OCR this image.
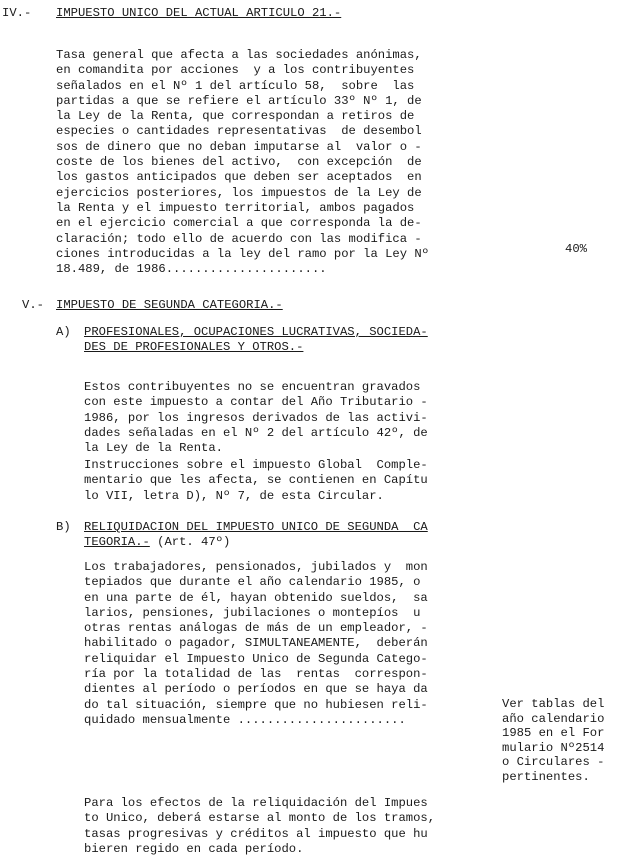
IV.- IMPUESTO UNICO DEL ACTUAL ARTICULO 21.-
Tasa general que afecta a las sociedades anónimas,
en comandita por acciones  y a los contribuyentes
señalados en el Nº 1 del artículo 58,  sobre  las
partidas a que se refiere el artículo 33º Nº 1, de
la Ley de la Renta, que correspondan a retiros de
especies o cantidades representativas  de desembol
sos de dinero que no deban imputarse al  valor o -
coste de los bienes del activo,  con excepción  de
los gastos anticipados que deben ser aceptados  en
ejercicios posteriores, los impuestos de la Ley de
la Renta y el impuesto territorial, ambos pagados
en el ejercicio comercial a que corresponda la de-
claración; todo ello de acuerdo con las modifica -
ciones introducidas a la ley del ramo por la Ley Nº
18.489, de 1986......................
40%
V.- IMPUESTO DE SEGUNDA CATEGORIA.-
A) PROFESIONALES, OCUPACIONES LUCRATIVAS, SOCIEDA-
DES DE PROFESIONALES Y OTROS.-
Estos contribuyentes no se encuentran gravados
con este impuesto a contar del Año Tributario -
1986, por los ingresos derivados de las activi-
dades señaladas en el Nº 2 del artículo 42º, de
la Ley de la Renta.
Instrucciones sobre el impuesto Global  Comple-
mentario que les afecta, se contienen en Capítu
lo VII, letra D), Nº 7, de esta Circular.
B) RELIQUIDACION DEL IMPUESTO UNICO DE SEGUNDA  CA
TEGORIA.- (Art. 47º)
Los trabajadores, pensionados, jubilados y  mon
tepiados que durante el año calendario 1985, o
en una parte de él, hayan obtenido sueldos,  sa
larios, pensiones, jubilaciones o montepíos  u
otras rentas análogas de más de un empleador, -
habilitado o pagador, SIMULTANEAMENTE,  deberán
reliquidar el Impuesto Unico de Segunda Catego-
ría por la totalidad de las  rentas  correspon-
dientes al período o períodos en que se haya da
do tal situación, siempre que no hubiesen reli-
quidado mensualmente .......................
Ver tablas del
año calendario
1985 en el For
mulario Nº2514
o Circulares -
pertinentes.
Para los efectos de la reliquidación del Impues
to Unico, deberá estarse al monto de los tramos,
tasas progresivas y créditos al impuesto que hu
bieren regido en cada período.
